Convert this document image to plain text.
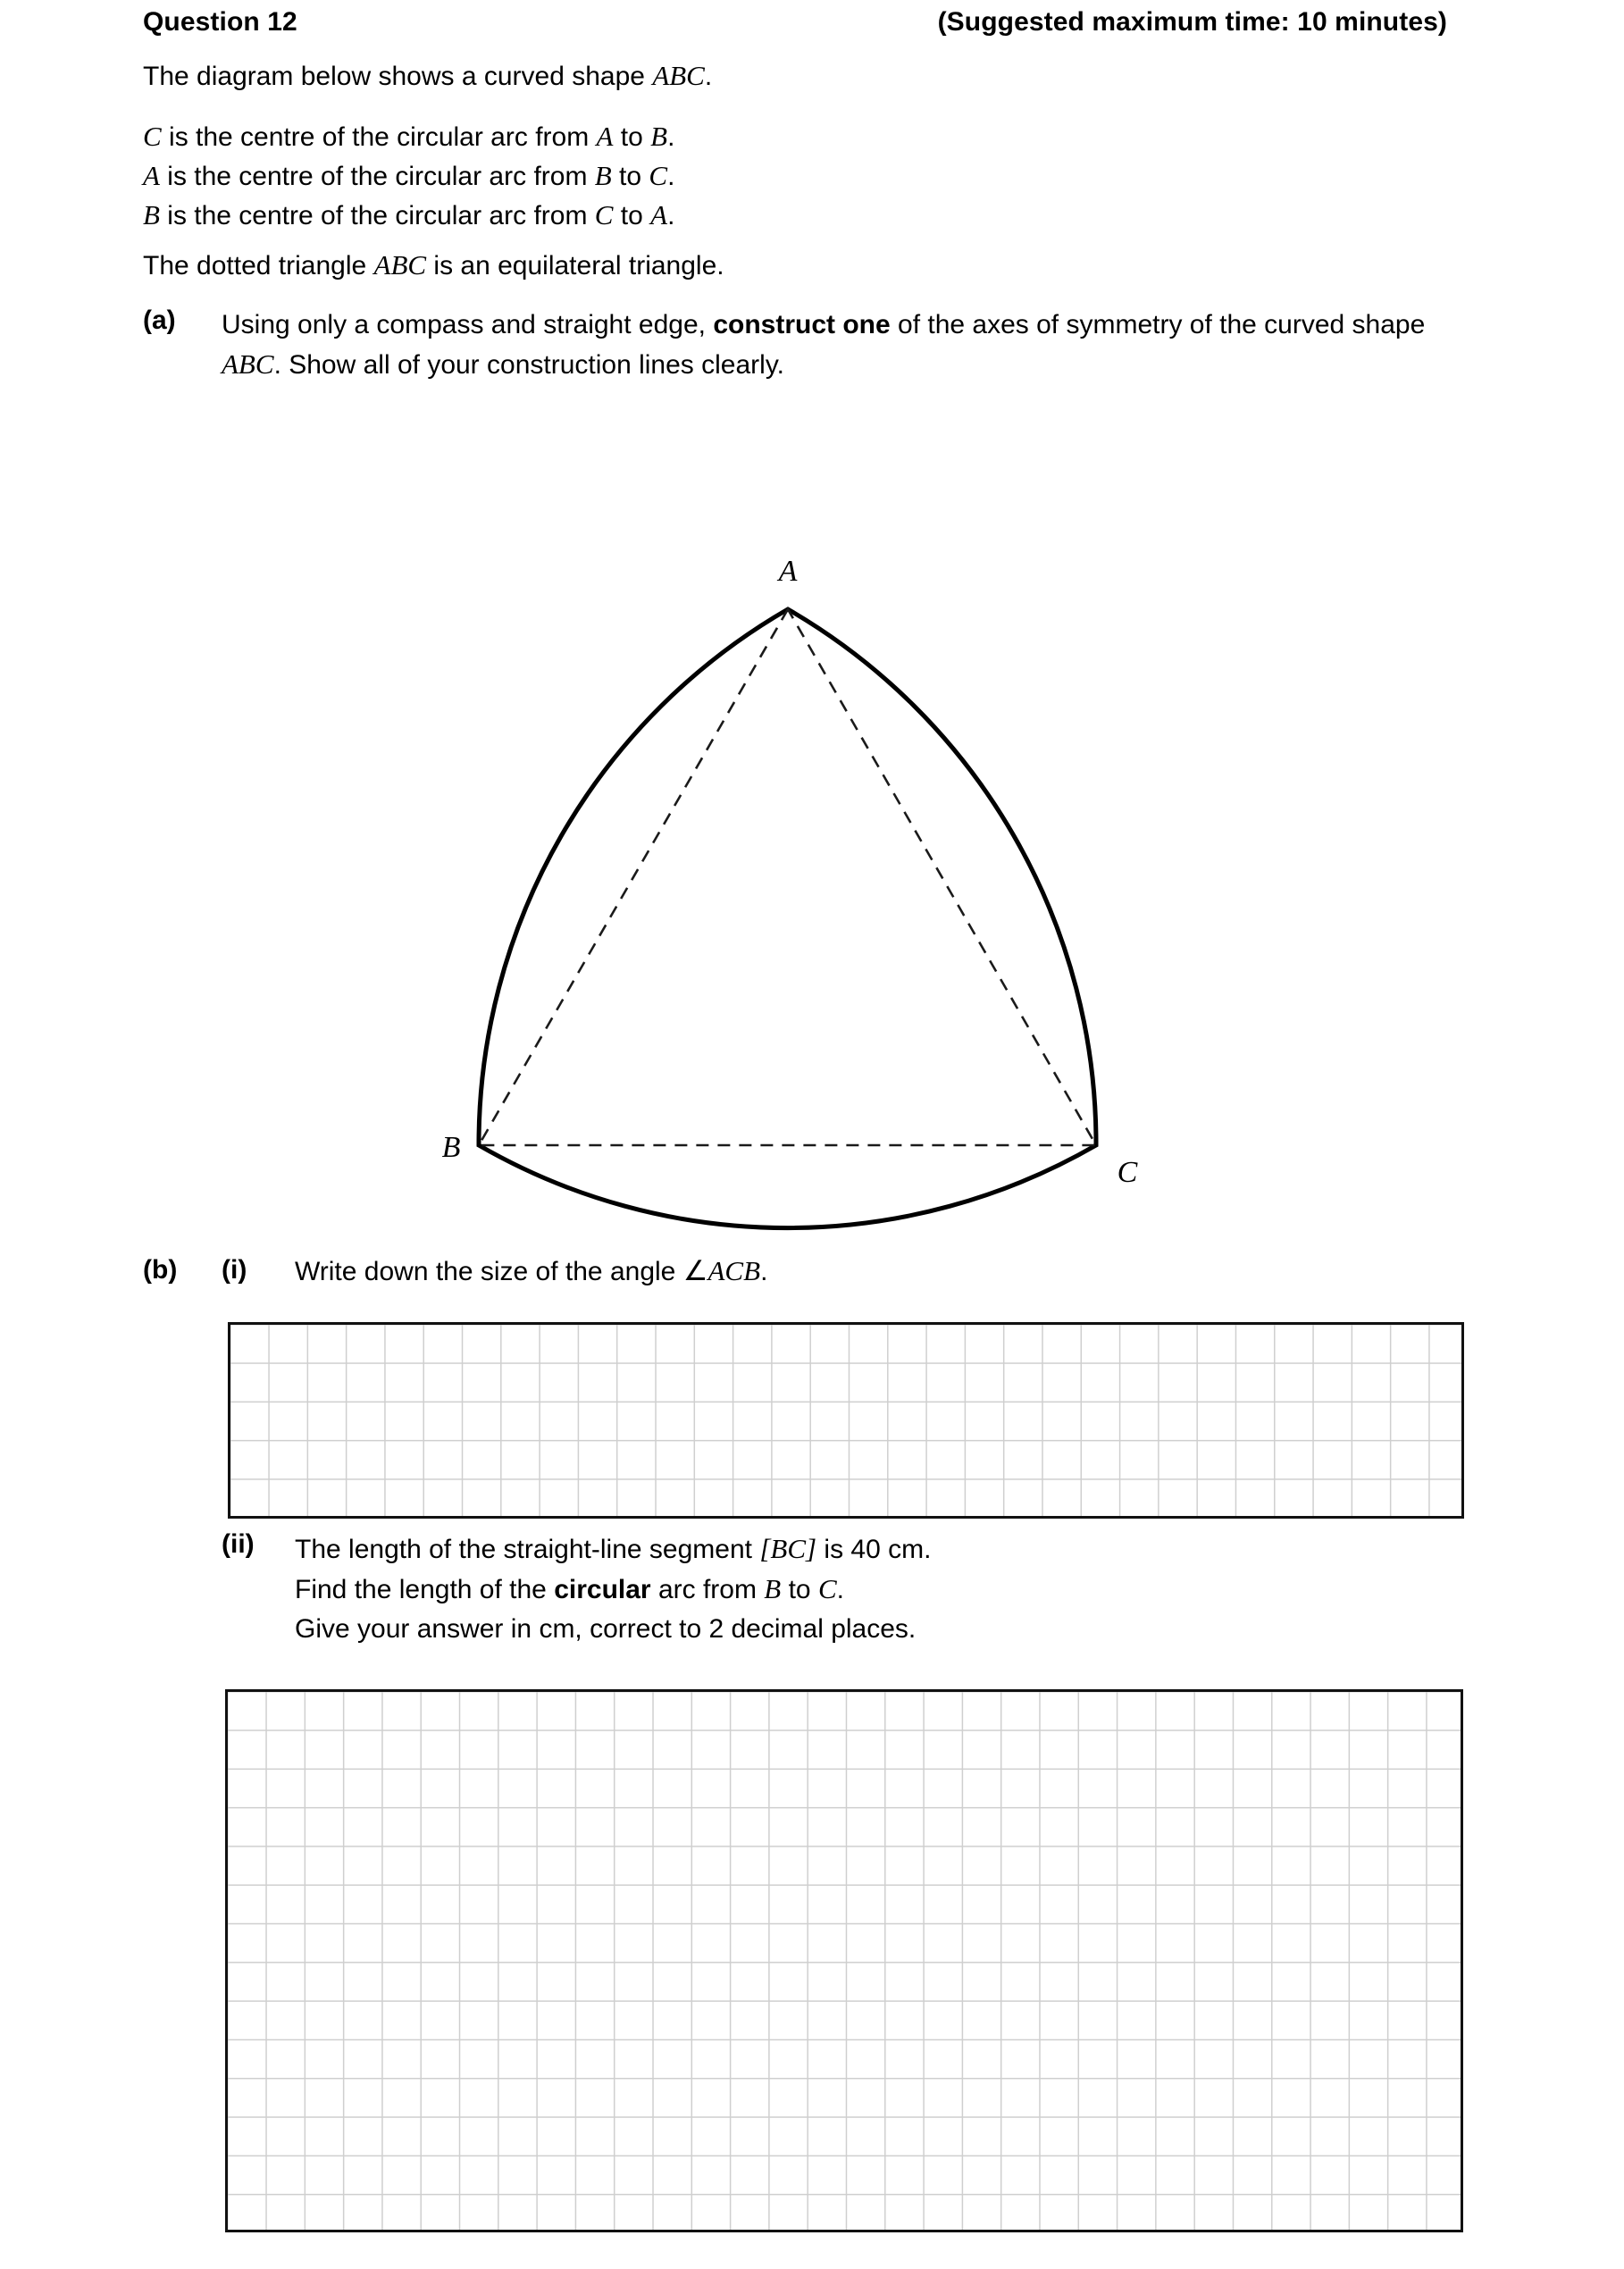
Question 12	(Suggested maximum time: 10 minutes)
The diagram below shows a curved shape ABC.
C is the centre of the circular arc from A to B.
A is the centre of the circular arc from B to C.
B is the centre of the circular arc from C to A.
The dotted triangle ABC is an equilateral triangle.
(a) Using only a compass and straight edge, construct one of the axes of symmetry of the curved shape ABC. Show all of your construction lines clearly.
A
B
C
(b) (i) Write down the size of the angle ∠ACB.
(ii) The length of the straight-line segment [BC] is 40 cm.
Find the length of the circular arc from B to C.
Give your answer in cm, correct to 2 decimal places.
